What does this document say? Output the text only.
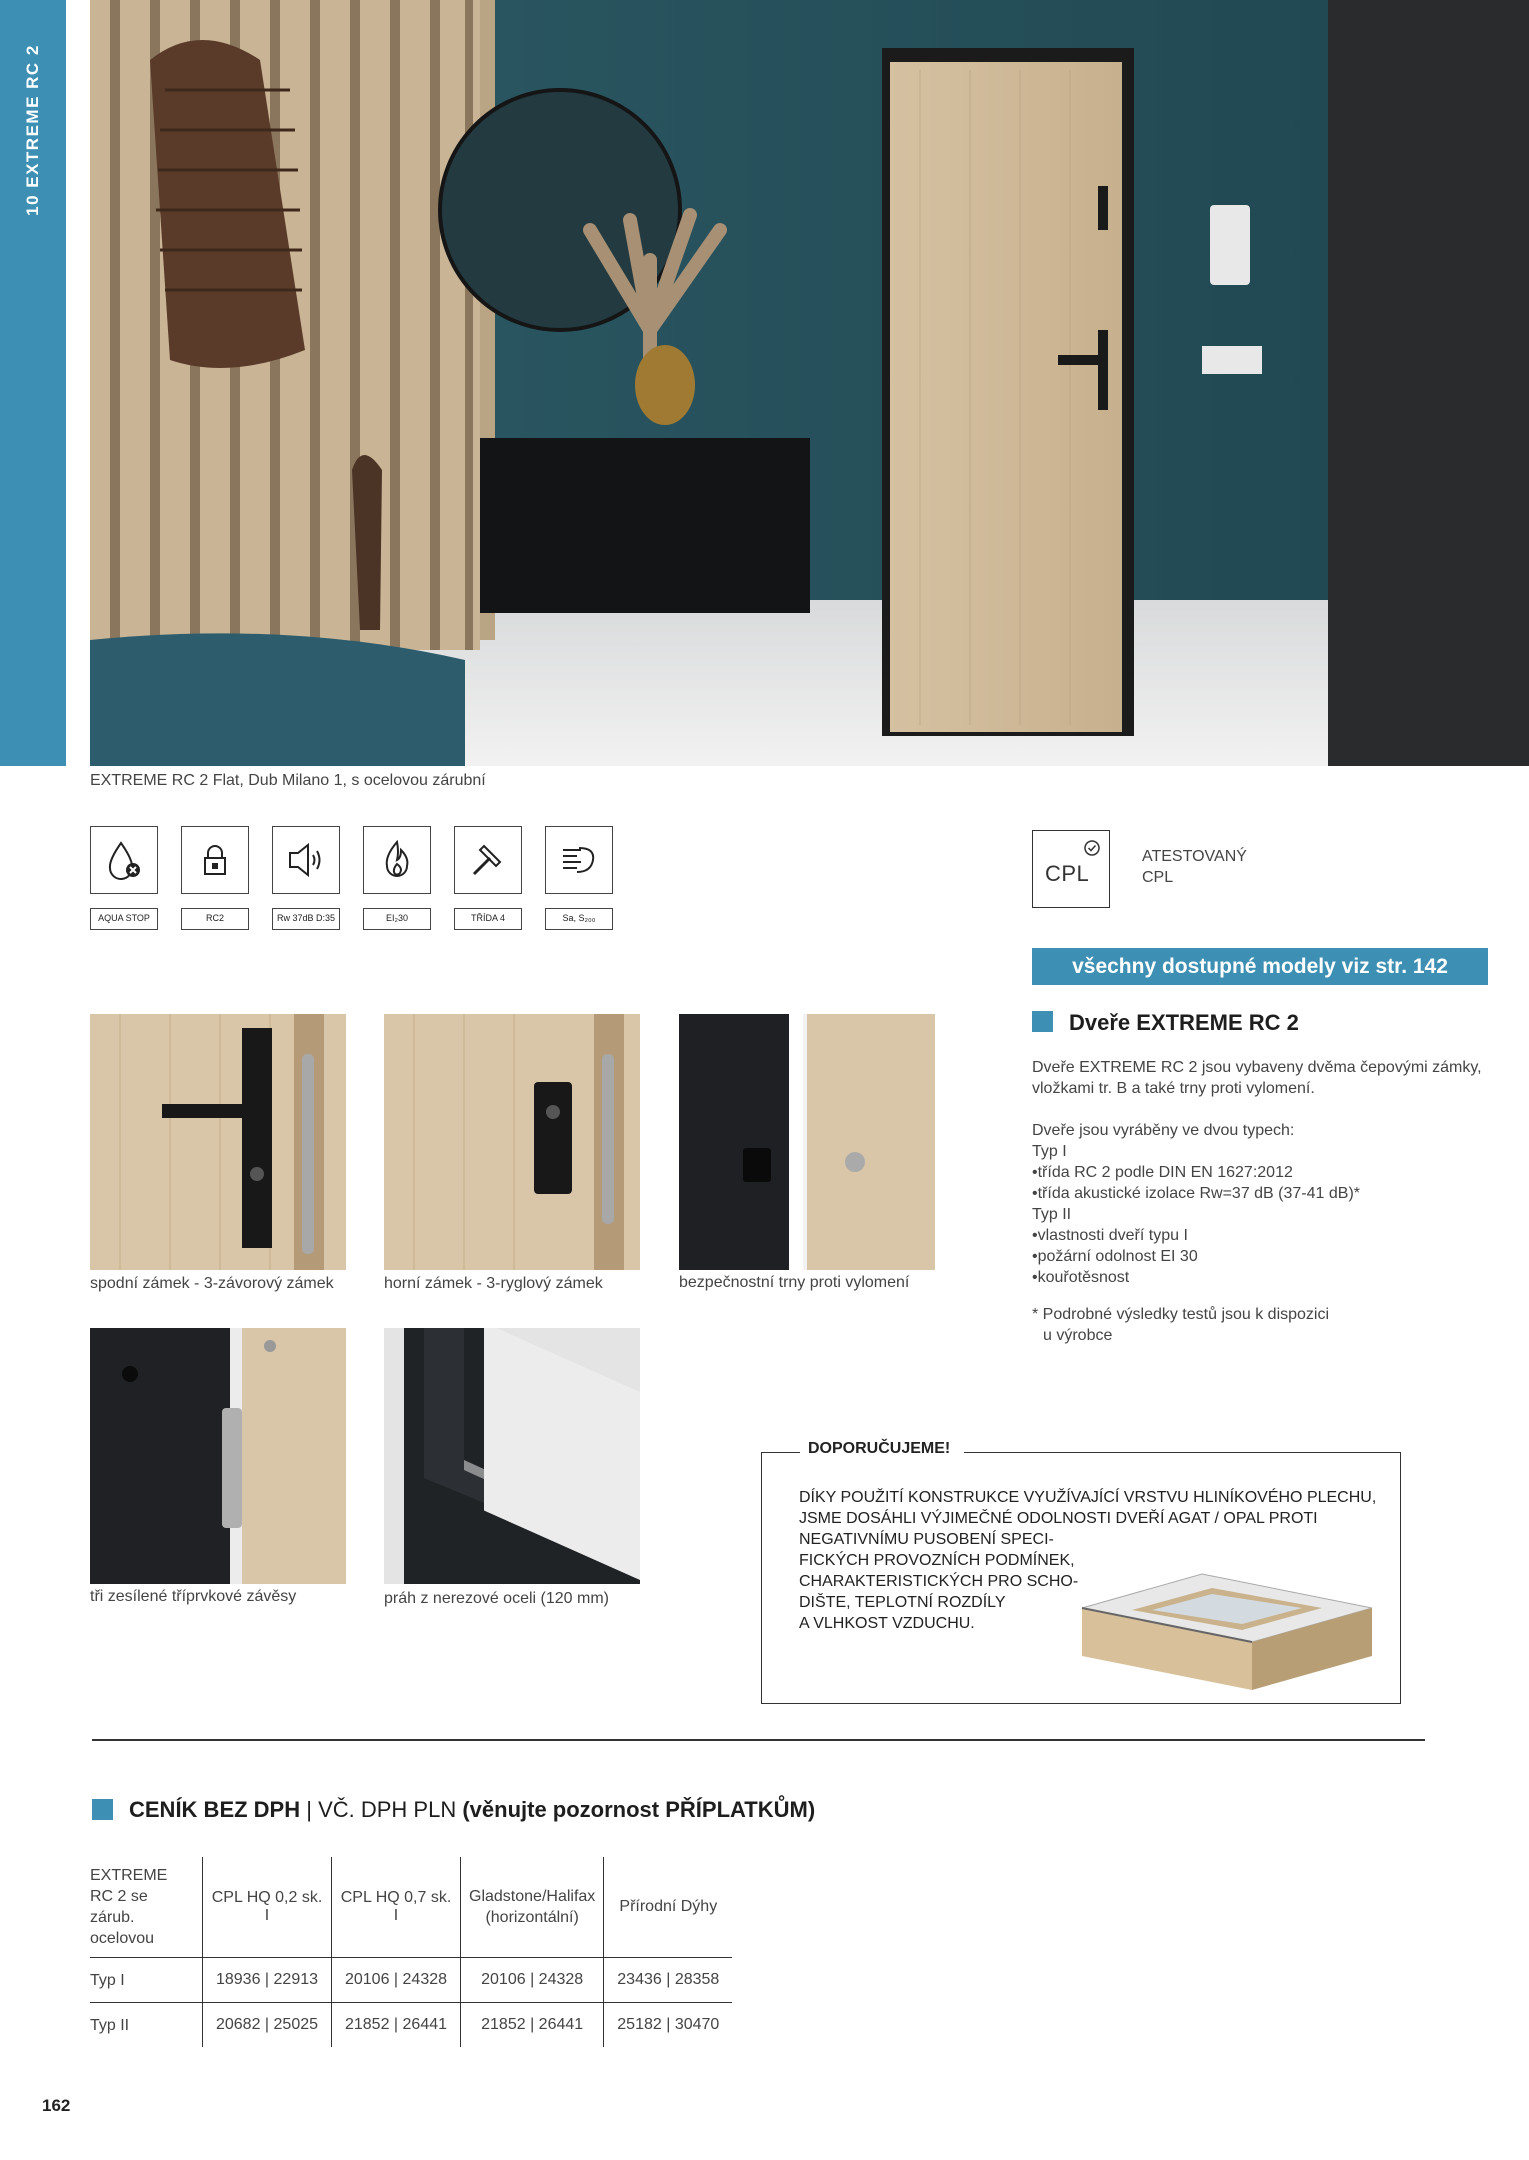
10 EXTREME RC 2
EXTREME RC 2 Flat, Dub Milano 1, s ocelovou zárubní
AQUA STOP	RC2	Rw 37dB D:35	EI₂30	TŘÍDA 4	Sa, S₂₀₀
CPL
ATESTOVANÝ
CPL
všechny dostupné modely viz str. 142
Dveře EXTREME RC 2
Dveře EXTREME RC 2 jsou vybaveny dvěma čepovými zámky,
vložkami tr. B a také trny proti vylomení.
Dveře jsou vyráběny ve dvou typech:
Typ I
•třída RC 2 podle DIN EN 1627:2012
•třída akustické izolace Rw=37 dB (37-41 dB)*
Typ II
•vlastnosti dveří typu I
•požární odolnost EI 30
•kouřotěsnost
* Podrobné výsledky testů jsou k dispozici
u výrobce
spodní zámek - 3-závorový zámek	horní zámek - 3-ryglový zámek	bezpečnostní trny proti vylomení
tři zesílené tříprvkové závěsy	práh z nerezové oceli (120 mm)
DOPORUČUJEME!
DÍKY POUŽITÍ KONSTRUKCE VYUŽÍVAJÍCÍ VRSTVU HLINÍKOVÉHO PLECHU,
JSME DOSÁHLI VÝJIMEČNÉ ODOLNOSTI DVEŘÍ AGAT / OPAL PROTI
NEGATIVNÍMU PUSOBENÍ SPECI-
FICKÝCH PROVOZNÍCH PODMÍNEK,
CHARAKTERISTICKÝCH PRO SCHO-
DIŠTE, TEPLOTNÍ ROZDÍLY
A VLHKOST VZDUCHU.
CENÍK BEZ DPH | VČ. DPH PLN (věnujte pozornost PŘÍPLATKŮM)
EXTREME RC 2 se zárub. ocelovou	CPL HQ 0,2 sk. I	CPL HQ 0,7 sk. I	Gladstone/Halifax (horizontální)	Přírodní Dýhy
Typ I	18936 | 22913	20106 | 24328	20106 | 24328	23436 | 28358
Typ II	20682 | 25025	21852 | 26441	21852 | 26441	25182 | 30470
162
